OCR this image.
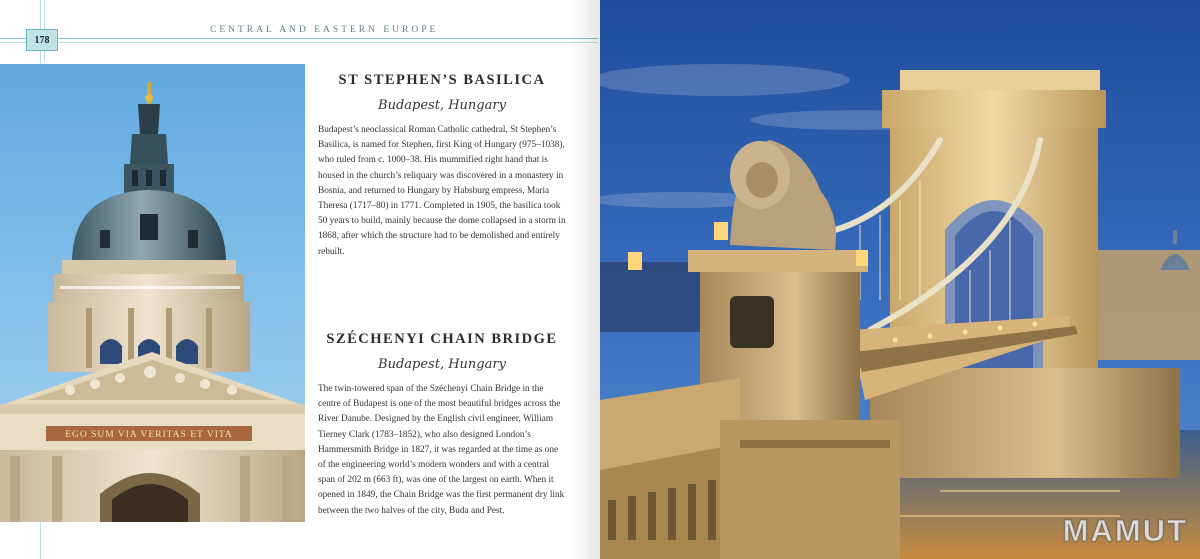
178
CENTRAL AND EASTERN EUROPE
EGO SUM VIA VERITAS ET VITA
ST STEPHEN’S BASILICA
Budapest, Hungary

Budapest’s neoclassical Roman Catholic cathedral, St Stephen’s Basilica, is named for Stephen, first King of Hungary (975–1038), who ruled from c. 1000–38. His mummified right hand that is housed in the church’s reliquary was discovered in a monastery in Bosnia, and returned to Hungary by Habsburg empress, Maria Theresa (1717–80) in 1771. Completed in 1905, the basilica took 50 years to build, mainly because the dome collapsed in a storm in 1868, after which the structure had to be demolished and entirely rebuilt.

SZÉCHENYI CHAIN BRIDGE
Budapest, Hungary

The twin-towered span of the Széchenyi Chain Bridge in the centre of Budapest is one of the most beautiful bridges across the River Danube. Designed by the English civil engineer, William Tierney Clark (1783–1852), who also designed London’s Hammersmith Bridge in 1827, it was regarded at the time as one of the engineering world’s modern wonders and with a central span of 202 m (663 ft), was one of the largest on earth. When it opened in 1849, the Chain Bridge was the first permanent dry link between the two halves of the city, Buda and Pest.

MAMUT
